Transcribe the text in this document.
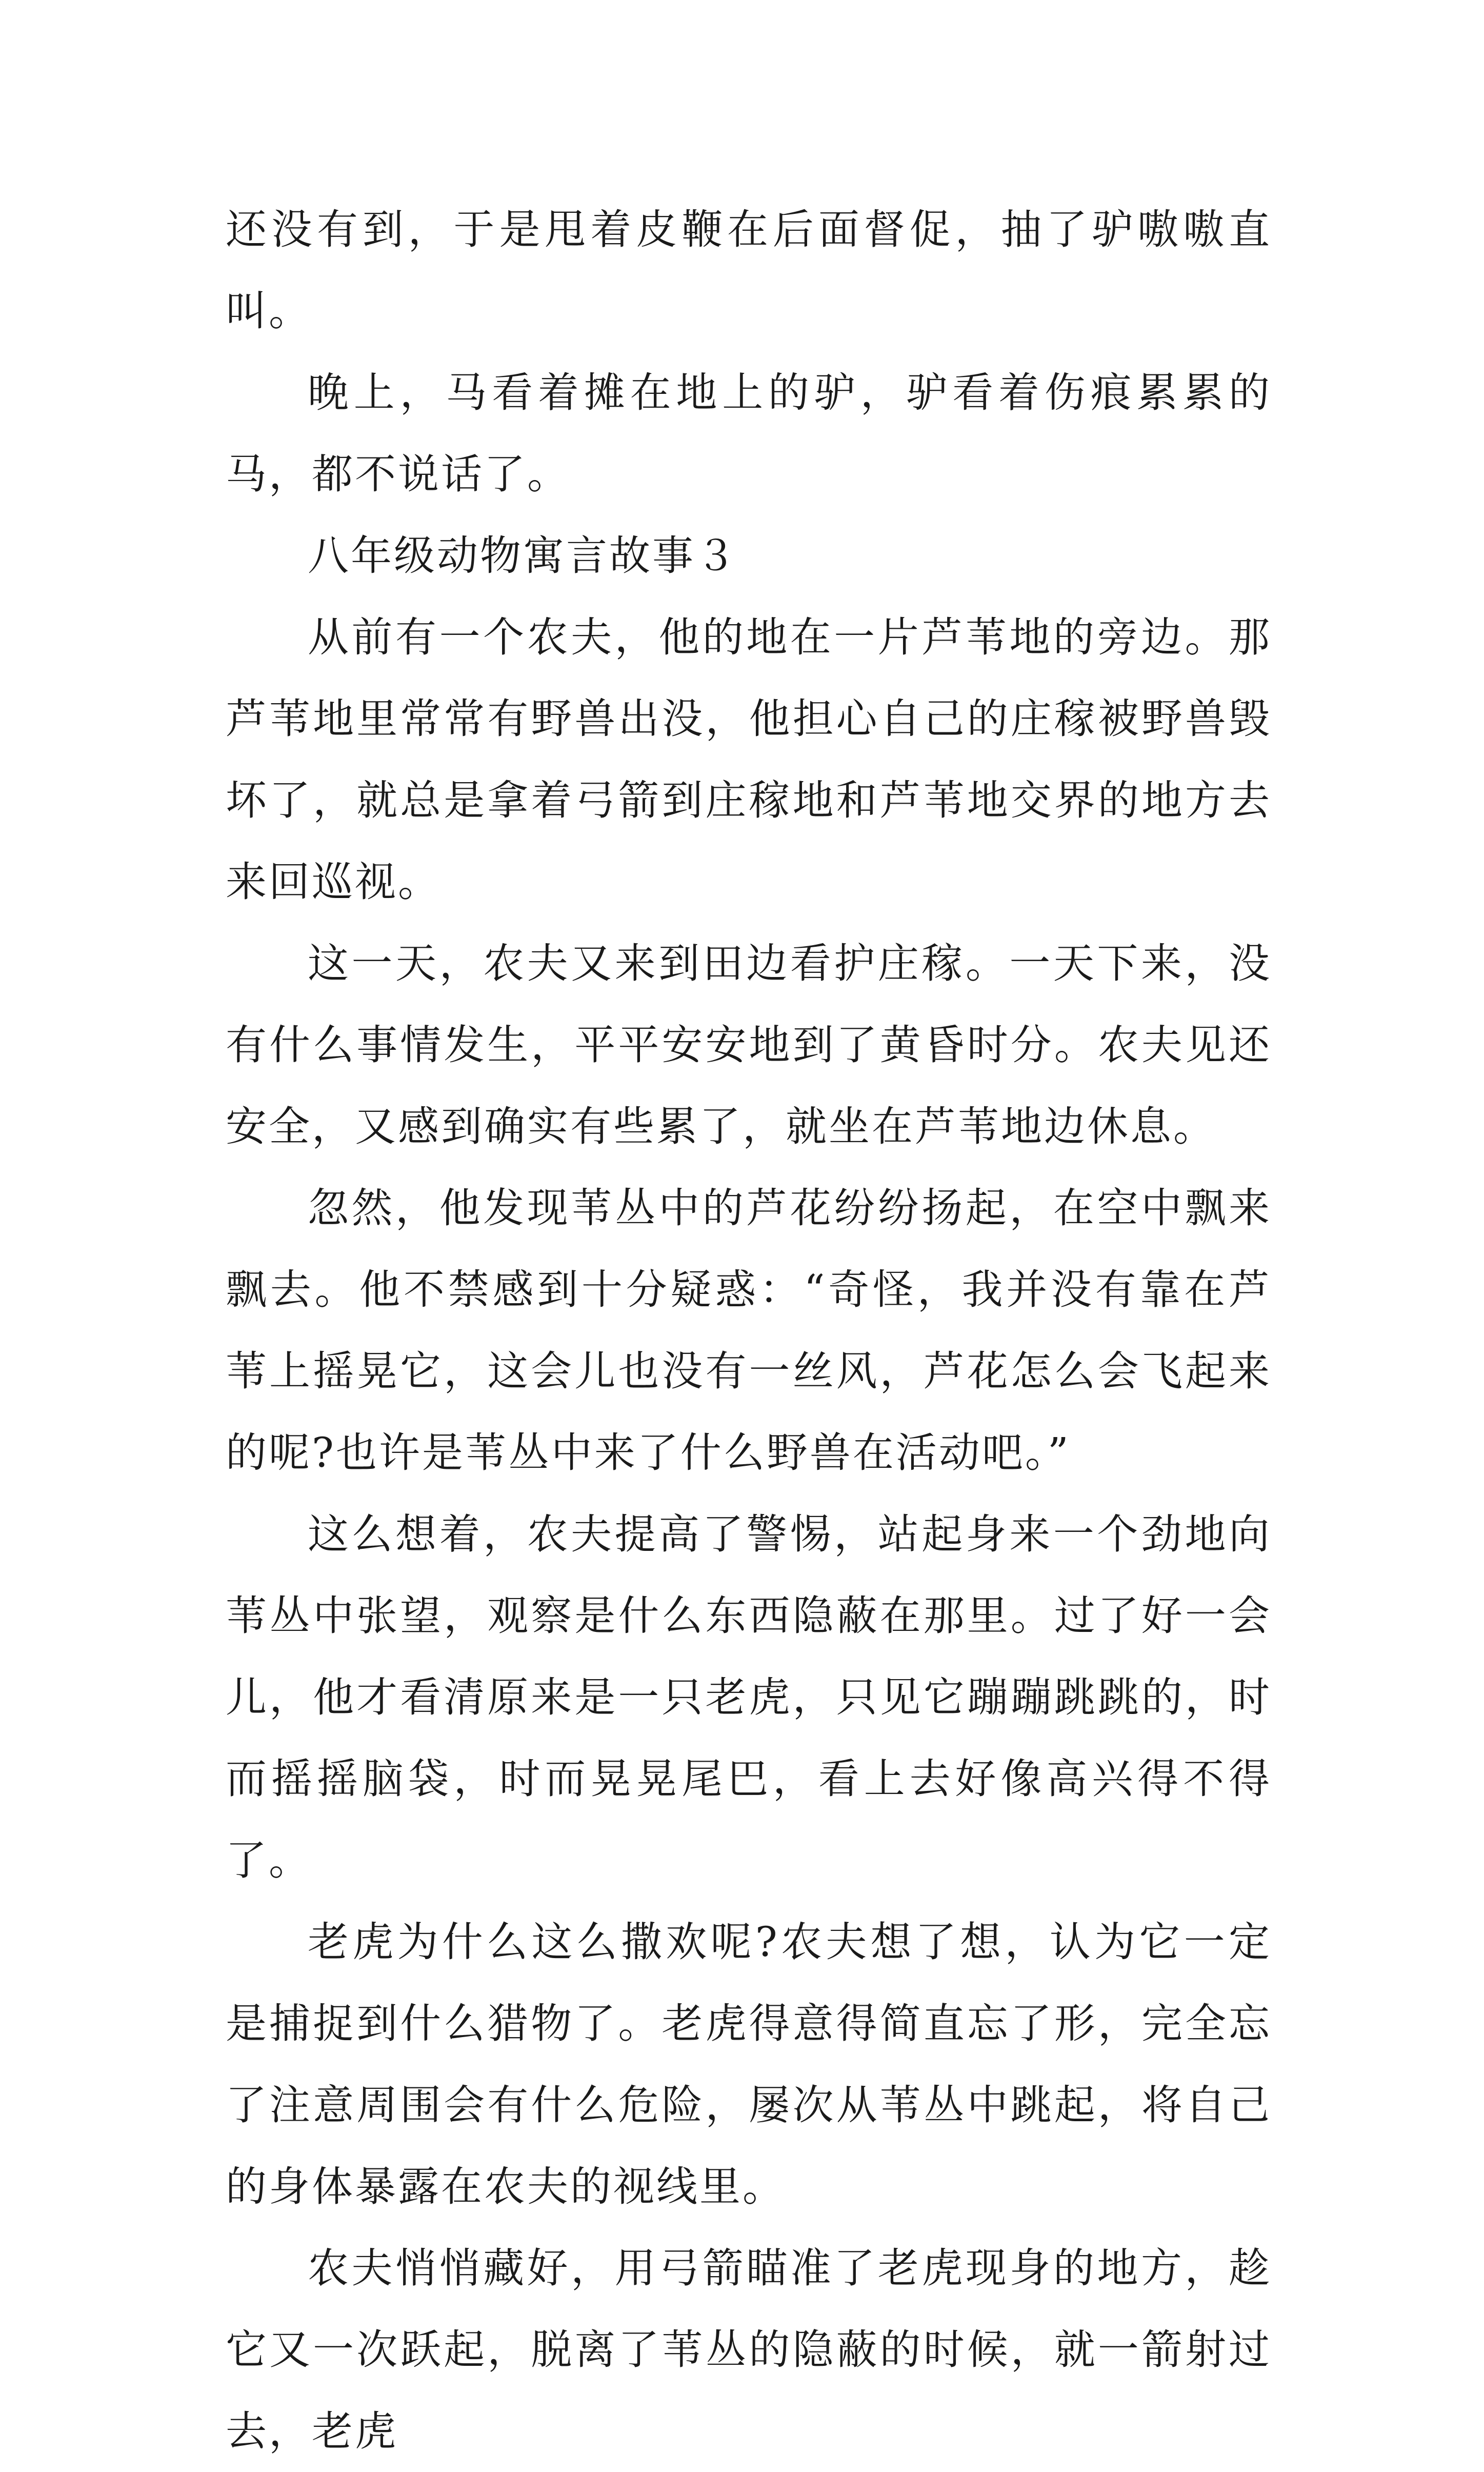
还没有到，于是甩着皮鞭在后面督促，抽了驴嗷嗷直叫。

晚上，马看着摊在地上的驴，驴看着伤痕累累的马，都不说话了。

八年级动物寓言故事３

从前有一个农夫，他的地在一片芦苇地的旁边。那芦苇地里常常有野兽出没，他担心自己的庄稼被野兽毁坏了，就总是拿着弓箭到庄稼地和芦苇地交界的地方去来回巡视。

这一天，农夫又来到田边看护庄稼。一天下来，没有什么事情发生，平平安安地到了黄昏时分。农夫见还安全，又感到确实有些累了，就坐在芦苇地边休息。

忽然，他发现苇丛中的芦花纷纷扬起，在空中飘来飘去。他不禁感到十分疑惑：“奇怪，我并没有靠在芦苇上摇晃它，这会儿也没有一丝风，芦花怎么会飞起来的呢?也许是苇丛中来了什么野兽在活动吧。”

这么想着，农夫提高了警惕，站起身来一个劲地向苇丛中张望，观察是什么东西隐蔽在那里。过了好一会儿，他才看清原来是一只老虎，只见它蹦蹦跳跳的，时而摇摇脑袋，时而晃晃尾巴，看上去好像高兴得不得了。

老虎为什么这么撒欢呢?农夫想了想，认为它一定是捕捉到什么猎物了。老虎得意得简直忘了形，完全忘了注意周围会有什么危险，屡次从苇丛中跳起，将自己的身体暴露在农夫的视线里。

农夫悄悄藏好，用弓箭瞄准了老虎现身的地方，趁它又一次跃起，脱离了苇丛的隐蔽的时候，就一箭射过去，老虎
